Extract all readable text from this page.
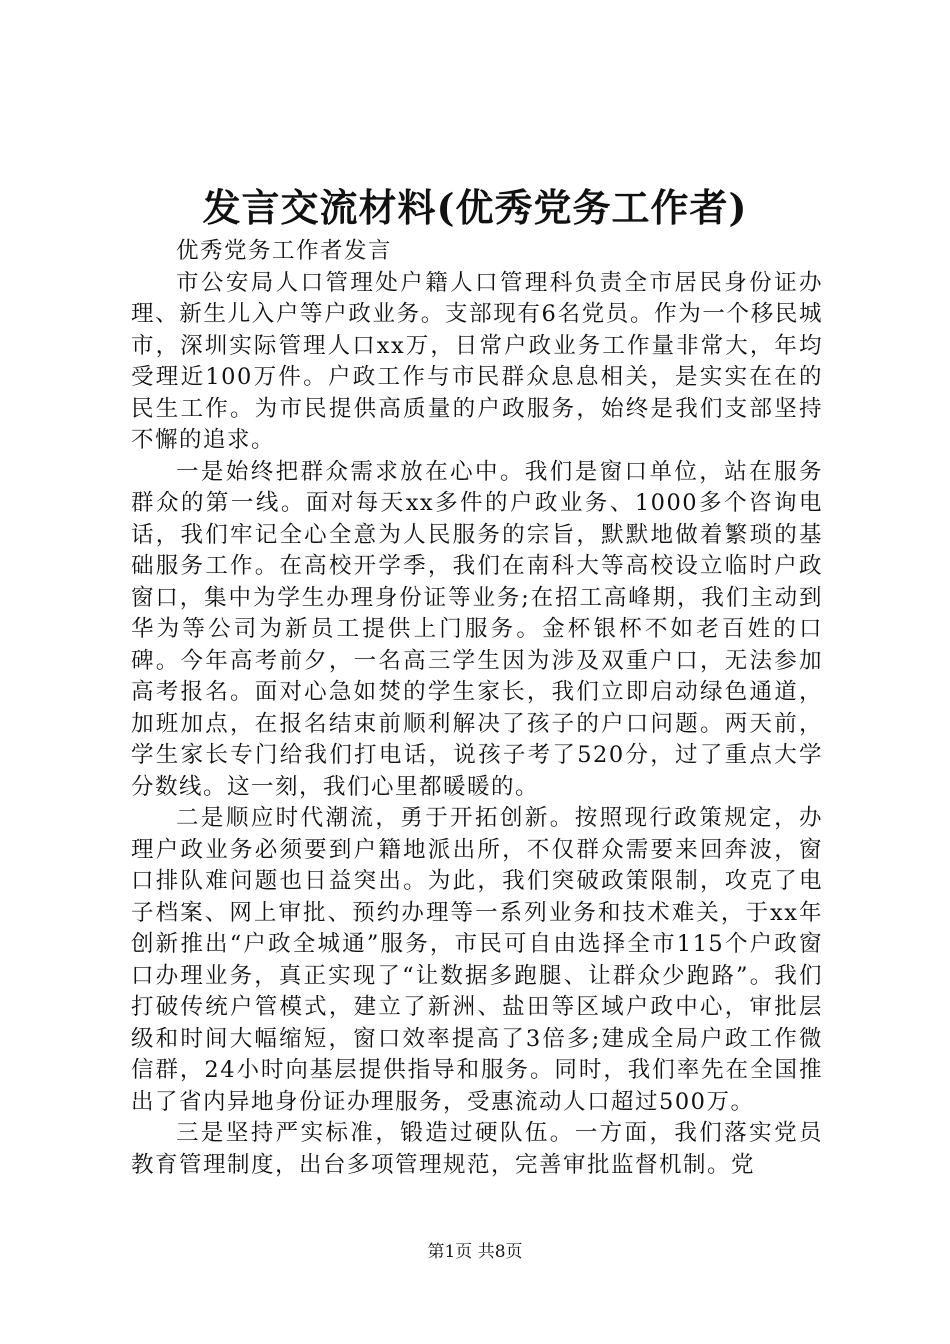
发言交流材料(优秀党务工作者)

优秀党务工作者发言

市公安局人口管理处户籍人口管理科负责全市居民身份证办理、新生儿入户等户政业务。支部现有6名党员。作为一个移民城市，深圳实际管理人口xx万，日常户政业务工作量非常大，年均受理近100万件。户政工作与市民群众息息相关，是实实在在的民生工作。为市民提供高质量的户政服务，始终是我们支部坚持不懈的追求。

一是始终把群众需求放在心中。我们是窗口单位，站在服务群众的第一线。面对每天xx多件的户政业务、1000多个咨询电话，我们牢记全心全意为人民服务的宗旨，默默地做着繁琐的基础服务工作。在高校开学季，我们在南科大等高校设立临时户政窗口，集中为学生办理身份证等业务;在招工高峰期，我们主动到华为等公司为新员工提供上门服务。金杯银杯不如老百姓的口碑。今年高考前夕，一名高三学生因为涉及双重户口，无法参加高考报名。面对心急如焚的学生家长，我们立即启动绿色通道，加班加点，在报名结束前顺利解决了孩子的户口问题。两天前，学生家长专门给我们打电话，说孩子考了520分，过了重点大学分数线。这一刻，我们心里都暖暖的。

二是顺应时代潮流，勇于开拓创新。按照现行政策规定，办理户政业务必须要到户籍地派出所，不仅群众需要来回奔波，窗口排队难问题也日益突出。为此，我们突破政策限制，攻克了电子档案、网上审批、预约办理等一系列业务和技术难关，于xx年创新推出“户政全城通”服务，市民可自由选择全市115个户政窗口办理业务，真正实现了“让数据多跑腿、让群众少跑路”。我们打破传统户管模式，建立了新洲、盐田等区域户政中心，审批层级和时间大幅缩短，窗口效率提高了3倍多;建成全局户政工作微信群，24小时向基层提供指导和服务。同时，我们率先在全国推出了省内异地身份证办理服务，受惠流动人口超过500万。

三是坚持严实标准，锻造过硬队伍。一方面，我们落实党员教育管理制度，出台多项管理规范，完善审批监督机制。党

第1页 共8页
